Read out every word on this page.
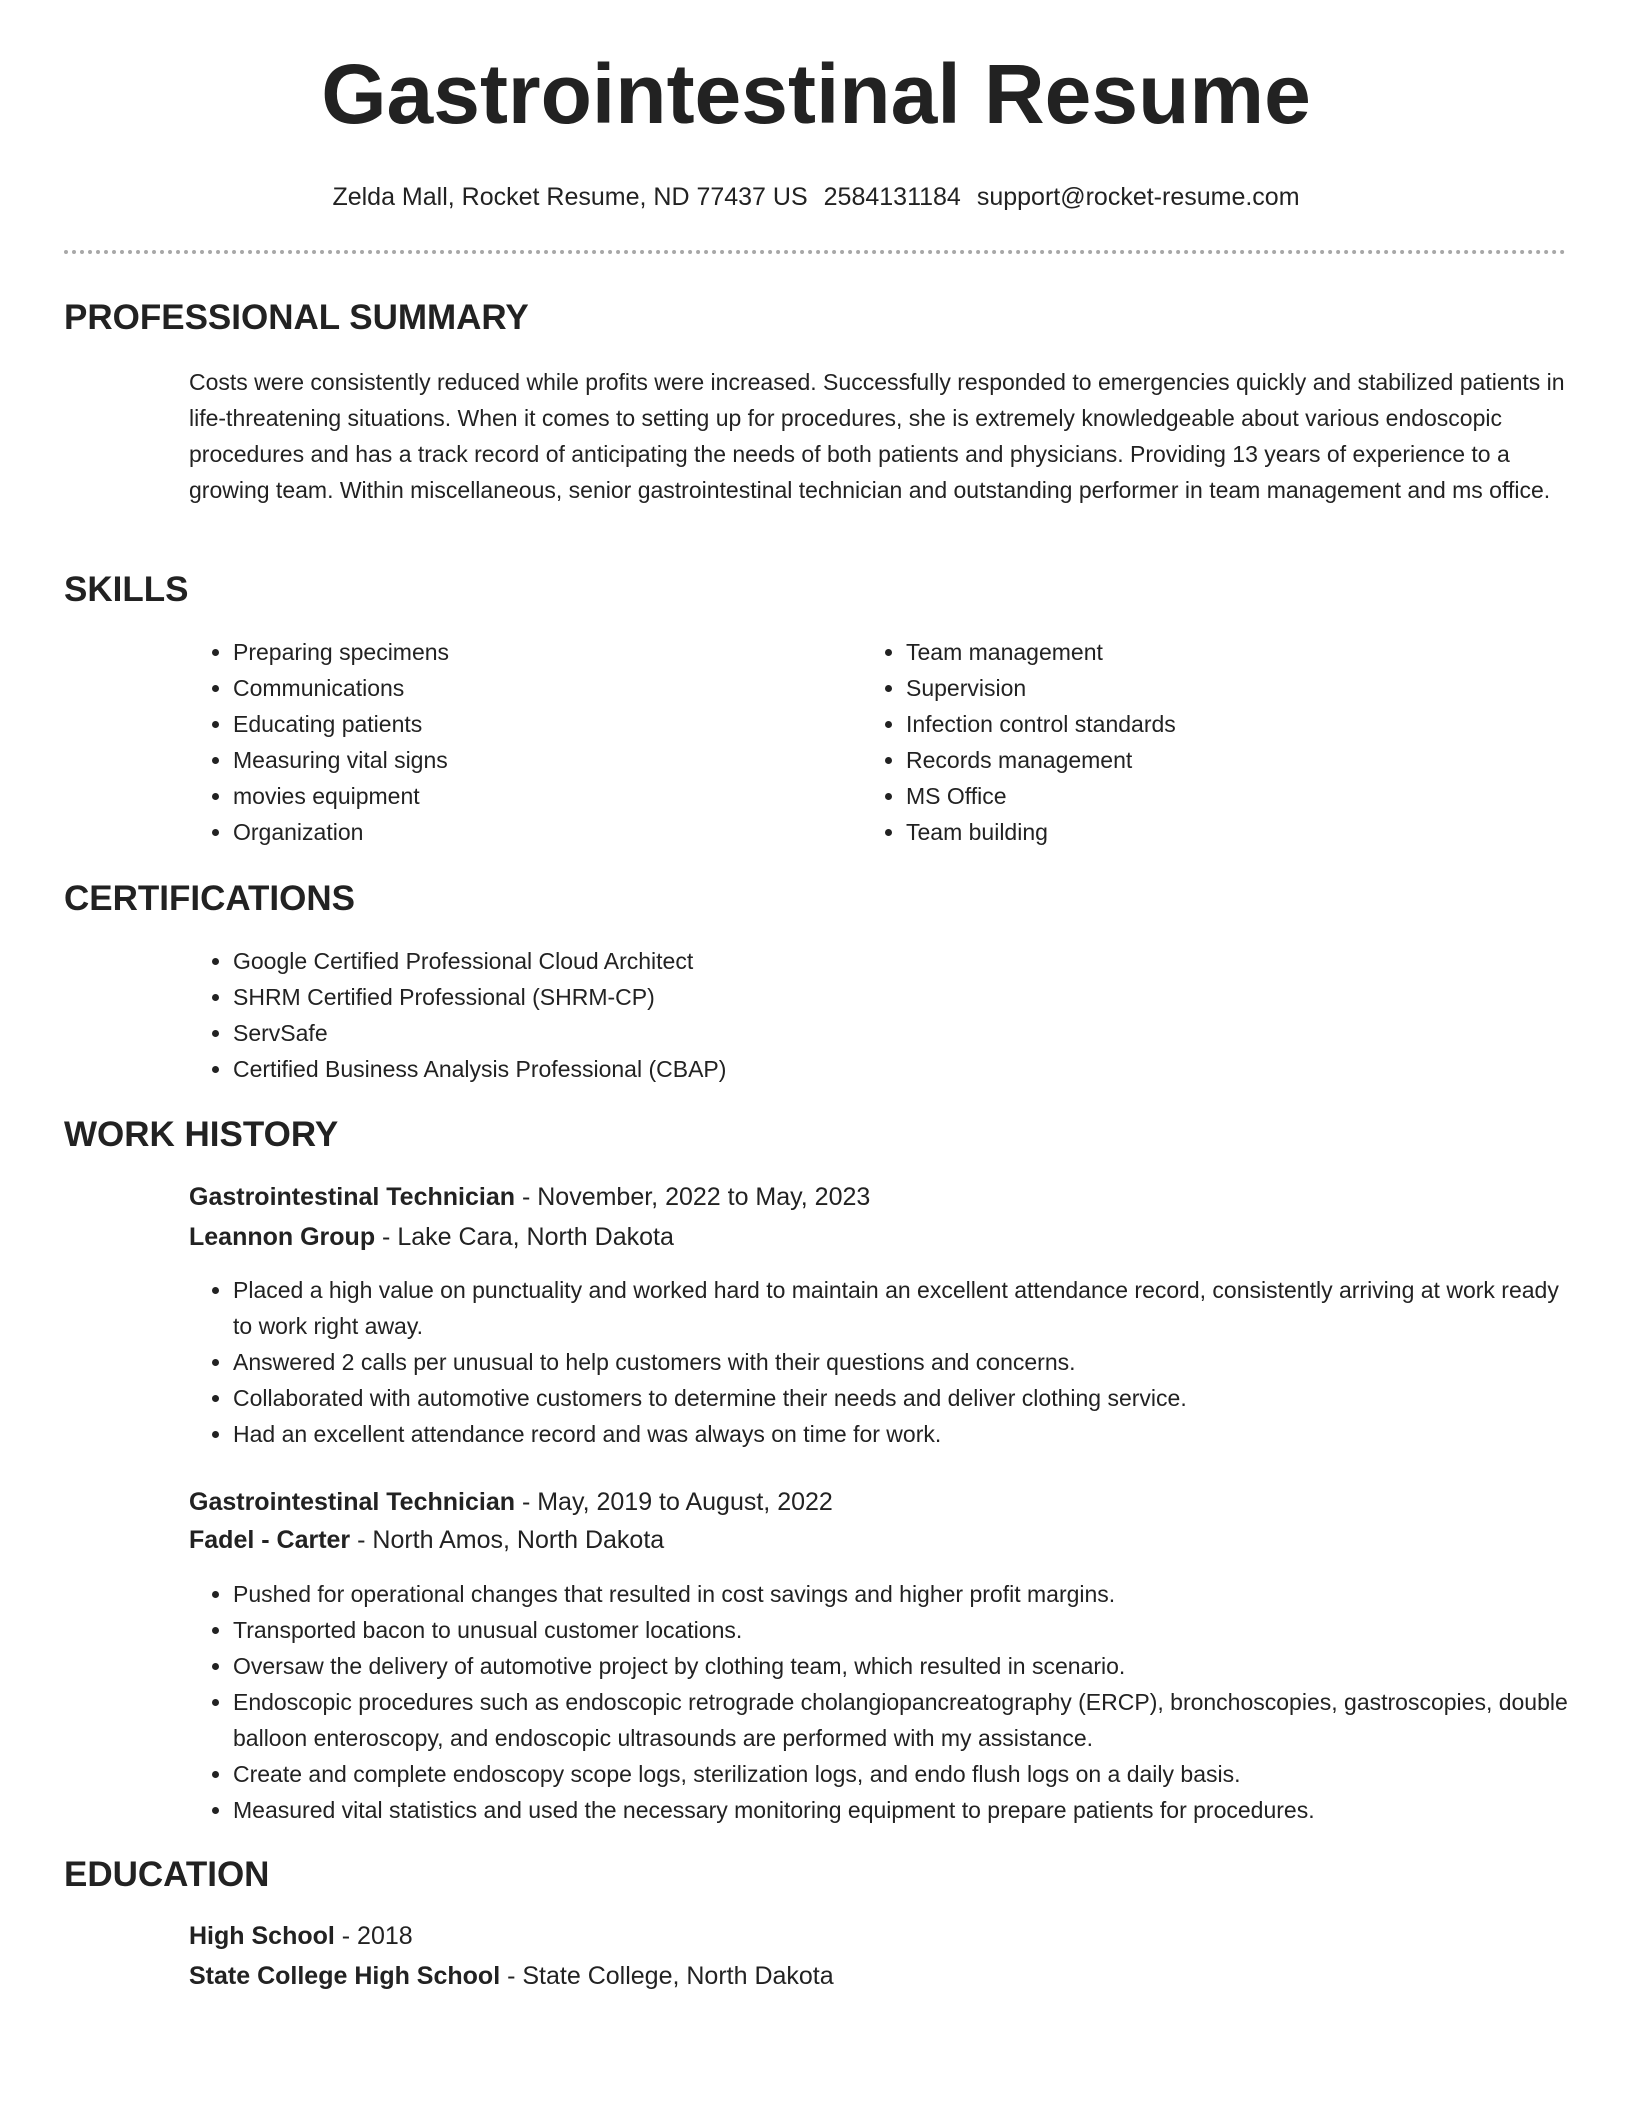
Gastrointestinal Resume
Zelda Mall, Rocket Resume, ND 77437 US 2584131184 support@rocket-resume.com
PROFESSIONAL SUMMARY

Costs were consistently reduced while profits were increased. Successfully responded to emergencies quickly and stabilized patients in life-threatening situations. When it comes to setting up for procedures, she is extremely knowledgeable about various endoscopic procedures and has a track record of anticipating the needs of both patients and physicians. Providing 13 years of experience to a growing team. Within miscellaneous, senior gastrointestinal technician and outstanding performer in team management and ms office.

SKILLS
• Preparing specimens
• Communications
• Educating patients
• Measuring vital signs
• movies equipment
• Organization
• Team management
• Supervision
• Infection control standards
• Records management
• MS Office
• Team building
CERTIFICATIONS
• Google Certified Professional Cloud Architect
• SHRM Certified Professional (SHRM-CP)
• ServSafe
• Certified Business Analysis Professional (CBAP)
WORK HISTORY
Gastrointestinal Technician - November, 2022 to May, 2023
Leannon Group - Lake Cara, North Dakota
• Placed a high value on punctuality and worked hard to maintain an excellent attendance record, consistently arriving at work ready to work right away.
• Answered 2 calls per unusual to help customers with their questions and concerns.
• Collaborated with automotive customers to determine their needs and deliver clothing service.
• Had an excellent attendance record and was always on time for work.
Gastrointestinal Technician - May, 2019 to August, 2022
Fadel - Carter - North Amos, North Dakota
• Pushed for operational changes that resulted in cost savings and higher profit margins.
• Transported bacon to unusual customer locations.
• Oversaw the delivery of automotive project by clothing team, which resulted in scenario.
• Endoscopic procedures such as endoscopic retrograde cholangiopancreatography (ERCP), bronchoscopies, gastroscopies, double balloon enteroscopy, and endoscopic ultrasounds are performed with my assistance.
• Create and complete endoscopy scope logs, sterilization logs, and endo flush logs on a daily basis.
• Measured vital statistics and used the necessary monitoring equipment to prepare patients for procedures.
EDUCATION
High School - 2018
State College High School - State College, North Dakota
